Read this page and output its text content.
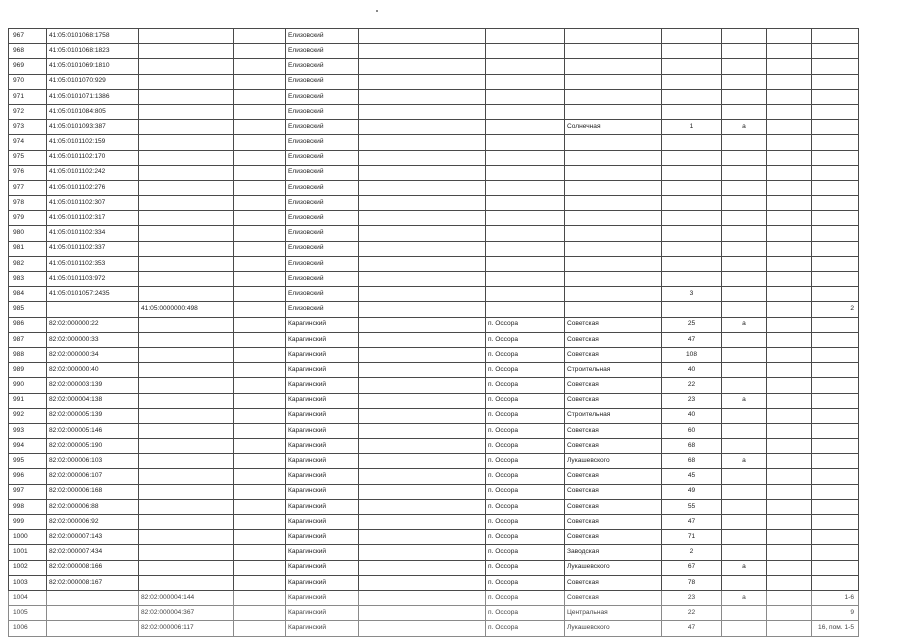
967	41:05:0101068:1758			Елизовский							
968	41:05:0101068:1823			Елизовский							
969	41:05:0101069:1810			Елизовский							
970	41:05:0101070:929			Елизовский							
971	41:05:0101071:1386			Елизовский							
972	41:05:0101084:805			Елизовский							
973	41:05:0101093:387			Елизовский			Солнечная	1	а		
974	41:05:0101102:159			Елизовский							
975	41:05:0101102:170			Елизовский							
976	41:05:0101102:242			Елизовский							
977	41:05:0101102:276			Елизовский							
978	41:05:0101102:307			Елизовский							
979	41:05:0101102:317			Елизовский							
980	41:05:0101102:334			Елизовский							
981	41:05:0101102:337			Елизовский							
982	41:05:0101102:353			Елизовский							
983	41:05:0101103:972			Елизовский							
984	41:05:0101057:2435			Елизовский				3			
985		41:05:0000000:498		Елизовский							2
986	82:02:000000:22			Карагинский		п. Оссора	Советская	25	а		
987	82:02:000000:33			Карагинский		п. Оссора	Советская	47			
988	82:02:000000:34			Карагинский		п. Оссора	Советская	108			
989	82:02:000000:40			Карагинский		п. Оссора	Строительная	40			
990	82:02:000003:139			Карагинский		п. Оссора	Советская	22			
991	82:02:000004:138			Карагинский		п. Оссора	Советская	23	а		
992	82:02:000005:139			Карагинский		п. Оссора	Строительная	40			
993	82:02:000005:146			Карагинский		п. Оссора	Советская	60			
994	82:02:000005:190			Карагинский		п. Оссора	Советская	68			
995	82:02:000006:103			Карагинский		п. Оссора	Лукашевского	68	а		
996	82:02:000006:107			Карагинский		п. Оссора	Советская	45			
997	82:02:000006:168			Карагинский		п. Оссора	Советская	49			
998	82:02:000006:88			Карагинский		п. Оссора	Советская	55			
999	82:02:000006:92			Карагинский		п. Оссора	Советская	47			
1000	82:02:000007:143			Карагинский		п. Оссора	Советская	71			
1001	82:02:000007:434			Карагинский		п. Оссора	Заводская	2			
1002	82:02:000008:166			Карагинский		п. Оссора	Лукашевского	67	а		
1003	82:02:000008:167			Карагинский		п. Оссора	Советская	78			
1004		82:02:000004:144		Карагинский		п. Оссора	Советская	23	а		1-6
1005		82:02:000004:367		Карагинский		п. Оссора	Центральная	22			9
1006		82:02:000006:117		Карагинский		п. Оссора	Лукашевского	47			16, пом. 1-5
